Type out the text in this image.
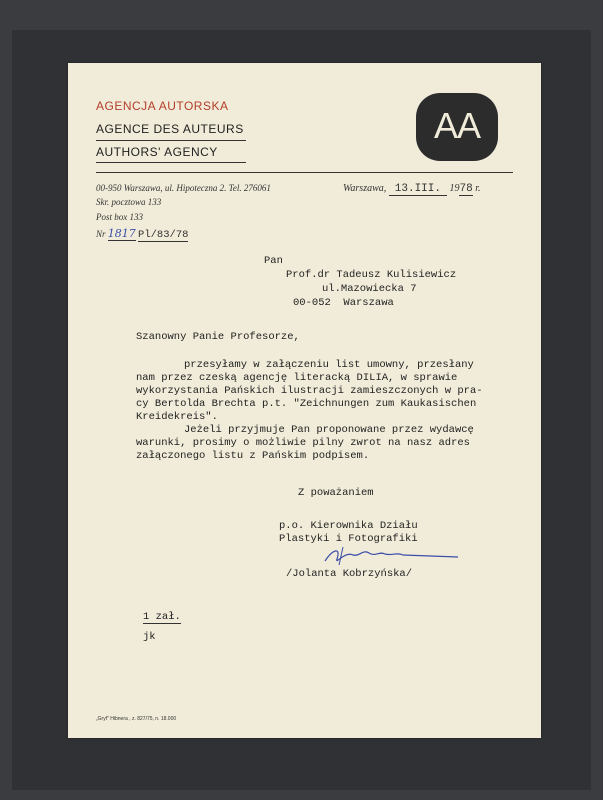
AGENCJA AUTORSKA
AGENCE DES AUTEURS
AUTHORS' AGENCY
AA
00-950 Warszawa, ul. Hipoteczna 2. Tel. 276061
Skr. pocztowa 133
Post box 133
Nr 1817 Pl/83/78
Warszawa, 13.III. 1978 r.
Pan
Prof.dr Tadeusz Kulisiewicz
ul.Mazowiecka 7
00-052  Warszawa
Szanowny Panie Profesorze,
przesyłamy w załączeniu list umowny, przesłany
nam przez czeską agencję literacką DILIA, w sprawie
wykorzystania Pańskich ilustracji zamieszczonych w pra-
cy Bertolda Brechta p.t. "Zeichnungen zum Kaukasischen
Kreidekreis".
Jeżeli przyjmuje Pan proponowane przez wydawcę
warunki, prosimy o możliwie pilny zwrot na nasz adres
załączonego listu z Pańskim podpisem.
Z poważaniem
p.o. Kierownika Działu
Plastyki i Fotografiki
/Jolanta Kobrzyńska/
1 zał.
jk
„Gryf" Hibnera , z. 827/75, n. 18.000
